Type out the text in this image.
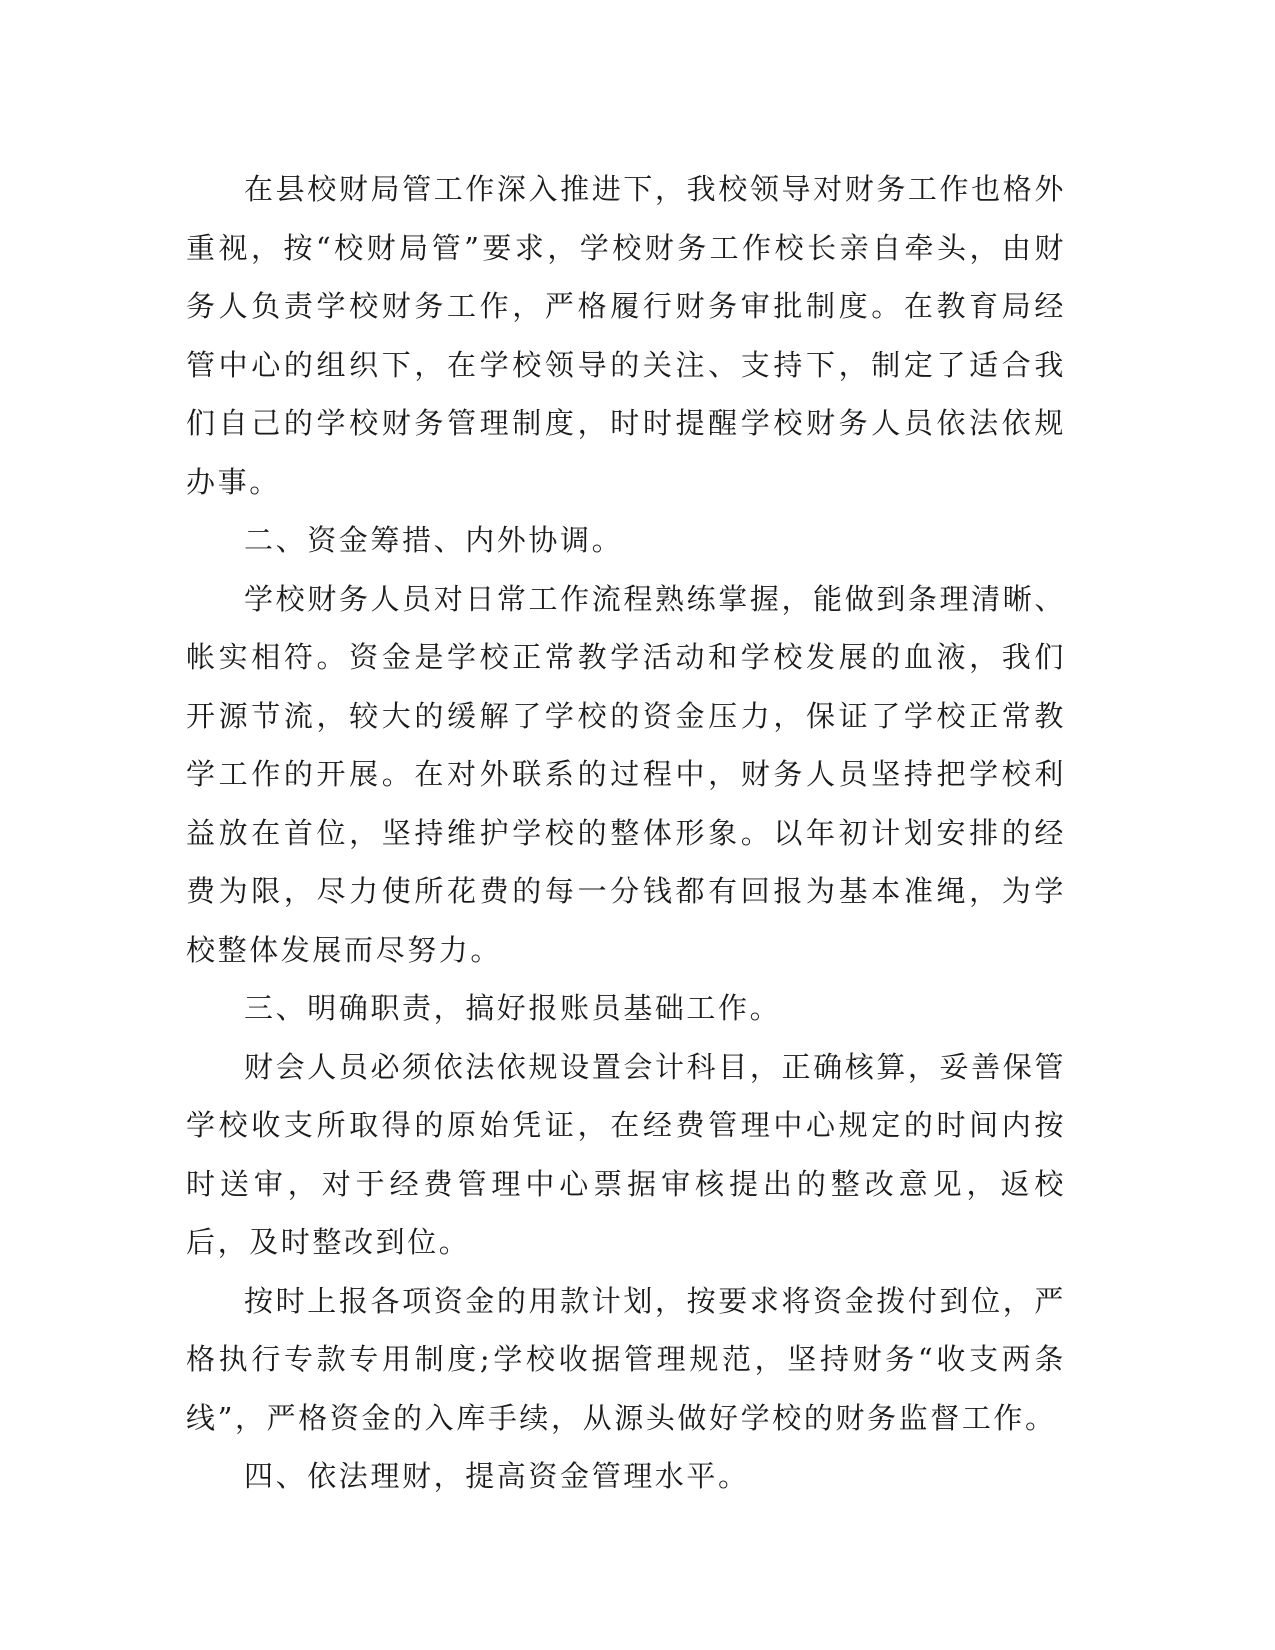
在县校财局管工作深入推进下，我校领导对财务工作也格外重视，按“校财局管”要求，学校财务工作校长亲自牵头，由财务人负责学校财务工作，严格履行财务审批制度。在教育局经管中心的组织下，在学校领导的关注、支持下，制定了适合我们自己的学校财务管理制度，时时提醒学校财务人员依法依规办事。

二、资金筹措、内外协调。

学校财务人员对日常工作流程熟练掌握，能做到条理清晰、帐实相符。资金是学校正常教学活动和学校发展的血液，我们开源节流，较大的缓解了学校的资金压力，保证了学校正常教学工作的开展。在对外联系的过程中，财务人员坚持把学校利益放在首位，坚持维护学校的整体形象。以年初计划安排的经费为限，尽力使所花费的每一分钱都有回报为基本准绳，为学校整体发展而尽努力。

三、明确职责，搞好报账员基础工作。

财会人员必须依法依规设置会计科目，正确核算，妥善保管学校收支所取得的原始凭证，在经费管理中心规定的时间内按时送审，对于经费管理中心票据审核提出的整改意见，返校后，及时整改到位。

按时上报各项资金的用款计划，按要求将资金拨付到位，严格执行专款专用制度;学校收据管理规范，坚持财务“收支两条线”，严格资金的入库手续，从源头做好学校的财务监督工作。

四、依法理财，提高资金管理水平。
